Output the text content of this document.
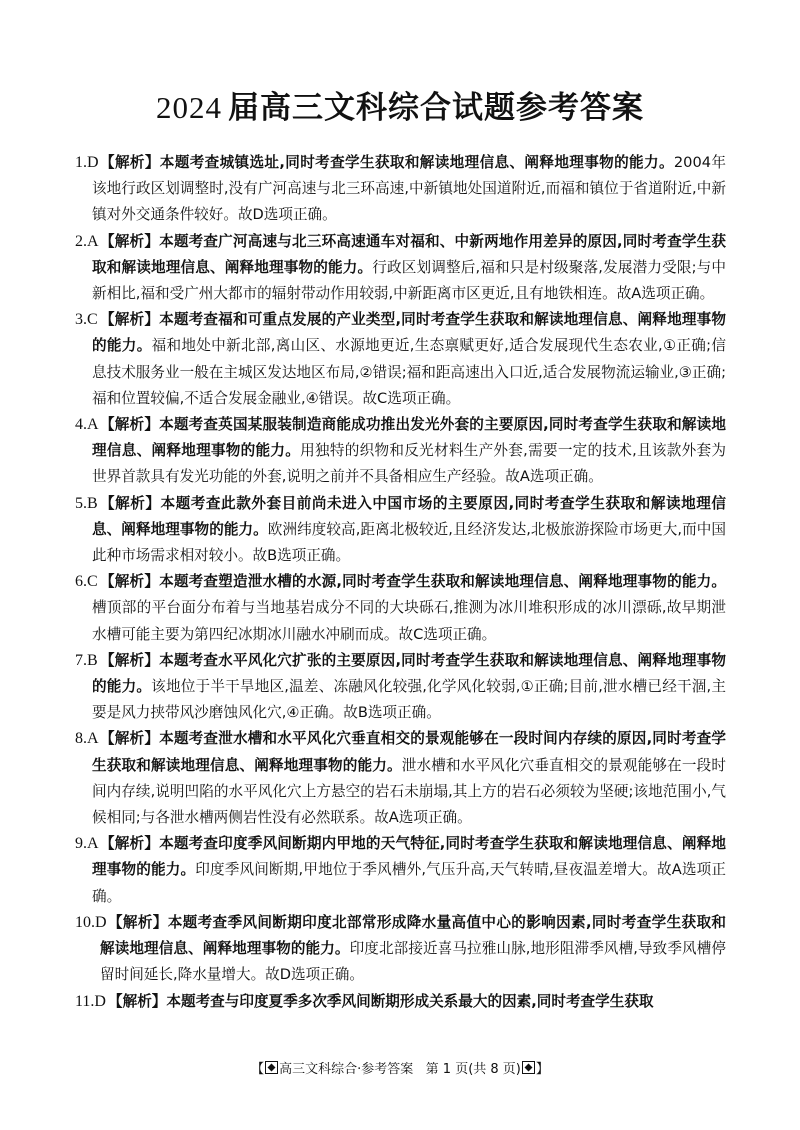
2024 届高三文科综合试题参考答案

1.D 【解析】本题考查城镇选址,同时考查学生获取和解读地理信息、阐释地理事物的能力。2004年该地行政区划调整时,没有广河高速与北三环高速,中新镇地处国道附近,而福和镇位于省道附近,中新镇对外交通条件较好。故D选项正确。

2.A 【解析】本题考查广河高速与北三环高速通车对福和、中新两地作用差异的原因,同时考查学生获取和解读地理信息、阐释地理事物的能力。行政区划调整后,福和只是村级聚落,发展潜力受限;与中新相比,福和受广州大都市的辐射带动作用较弱,中新距离市区更近,且有地铁相连。故A选项正确。

3.C 【解析】本题考查福和可重点发展的产业类型,同时考查学生获取和解读地理信息、阐释地理事物的能力。福和地处中新北部,离山区、水源地更近,生态禀赋更好,适合发展现代生态农业,①正确;信息技术服务业一般在主城区发达地区布局,②错误;福和距高速出入口近,适合发展物流运输业,③正确;福和位置较偏,不适合发展金融业,④错误。故C选项正确。

4.A 【解析】本题考查英国某服装制造商能成功推出发光外套的主要原因,同时考查学生获取和解读地理信息、阐释地理事物的能力。用独特的织物和反光材料生产外套,需要一定的技术,且该款外套为世界首款具有发光功能的外套,说明之前并不具备相应生产经验。故A选项正确。

5.B 【解析】本题考查此款外套目前尚未进入中国市场的主要原因,同时考查学生获取和解读地理信息、阐释地理事物的能力。欧洲纬度较高,距离北极较近,且经济发达,北极旅游探险市场更大,而中国此种市场需求相对较小。故B选项正确。

6.C 【解析】本题考查塑造泄水槽的水源,同时考查学生获取和解读地理信息、阐释地理事物的能力。槽顶部的平台面分布着与当地基岩成分不同的大块砾石,推测为冰川堆积形成的冰川漂砾,故早期泄水槽可能主要为第四纪冰期冰川融水冲刷而成。故C选项正确。

7.B 【解析】本题考查水平风化穴扩张的主要原因,同时考查学生获取和解读地理信息、阐释地理事物的能力。该地位于半干旱地区,温差、冻融风化较强,化学风化较弱,①正确;目前,泄水槽已经干涸,主要是风力挟带风沙磨蚀风化穴,④正确。故B选项正确。

8.A 【解析】本题考查泄水槽和水平风化穴垂直相交的景观能够在一段时间内存续的原因,同时考查学生获取和解读地理信息、阐释地理事物的能力。泄水槽和水平风化穴垂直相交的景观能够在一段时间内存续,说明凹陷的水平风化穴上方悬空的岩石未崩塌,其上方的岩石必须较为坚硬;该地范围小,气候相同;与各泄水槽两侧岩性没有必然联系。故A选项正确。

9.A 【解析】本题考查印度季风间断期内甲地的天气特征,同时考查学生获取和解读地理信息、阐释地理事物的能力。印度季风间断期,甲地位于季风槽外,气压升高,天气转晴,昼夜温差增大。故A选项正确。

10.D 【解析】本题考查季风间断期印度北部常形成降水量高值中心的影响因素,同时考查学生获取和解读地理信息、阐释地理事物的能力。印度北部接近喜马拉雅山脉,地形阻滞季风槽,导致季风槽停留时间延长,降水量增大。故D选项正确。

11.D 【解析】本题考查与印度夏季多次季风间断期形成关系最大的因素,同时考查学生获取

【 高三文科综合·参考答案 第 1 页(共 8 页) 】
